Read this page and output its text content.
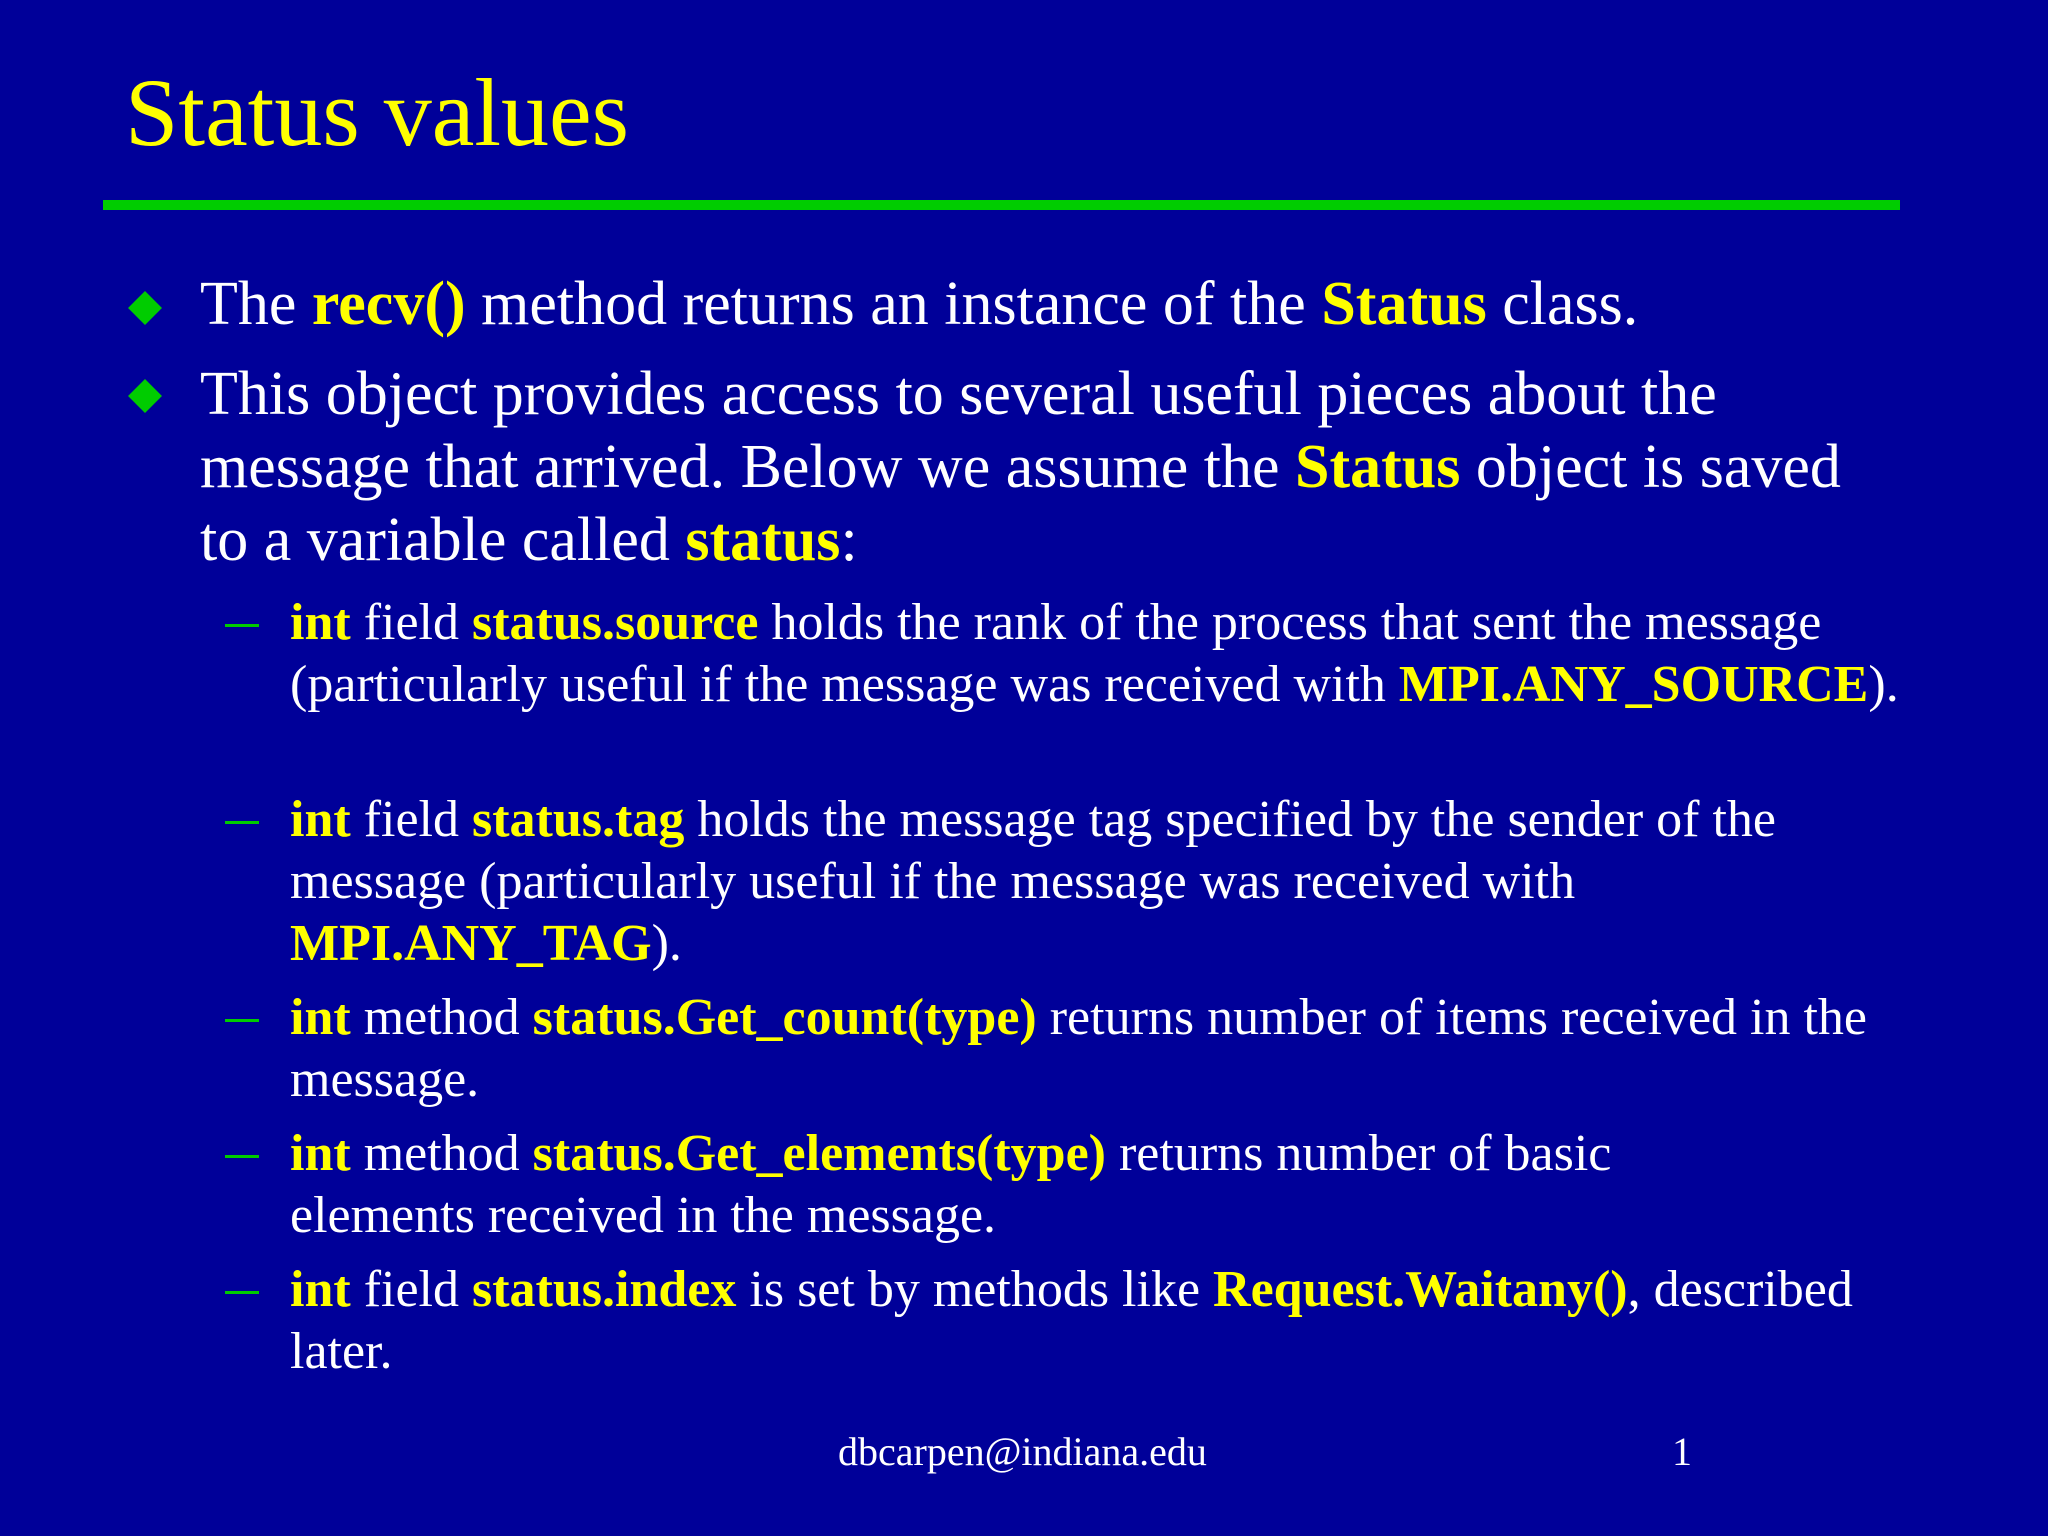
Status values
The recv() method returns an instance of the Status class.
This object provides access to several useful pieces about the message that arrived. Below we assume the Status object is saved to a variable called status:
int field status.source holds the rank of the process that sent the message (particularly useful if the message was received with MPI.ANY_SOURCE).
int field status.tag holds the message tag specified by the sender of the message (particularly useful if the message was received with MPI.ANY_TAG).
int method status.Get_count(type) returns number of items received in the message.
int method status.Get_elements(type) returns number of basic elements received in the message.
int field status.index is set by methods like Request.Waitany(), described later.
dbcarpen@indiana.edu	1
